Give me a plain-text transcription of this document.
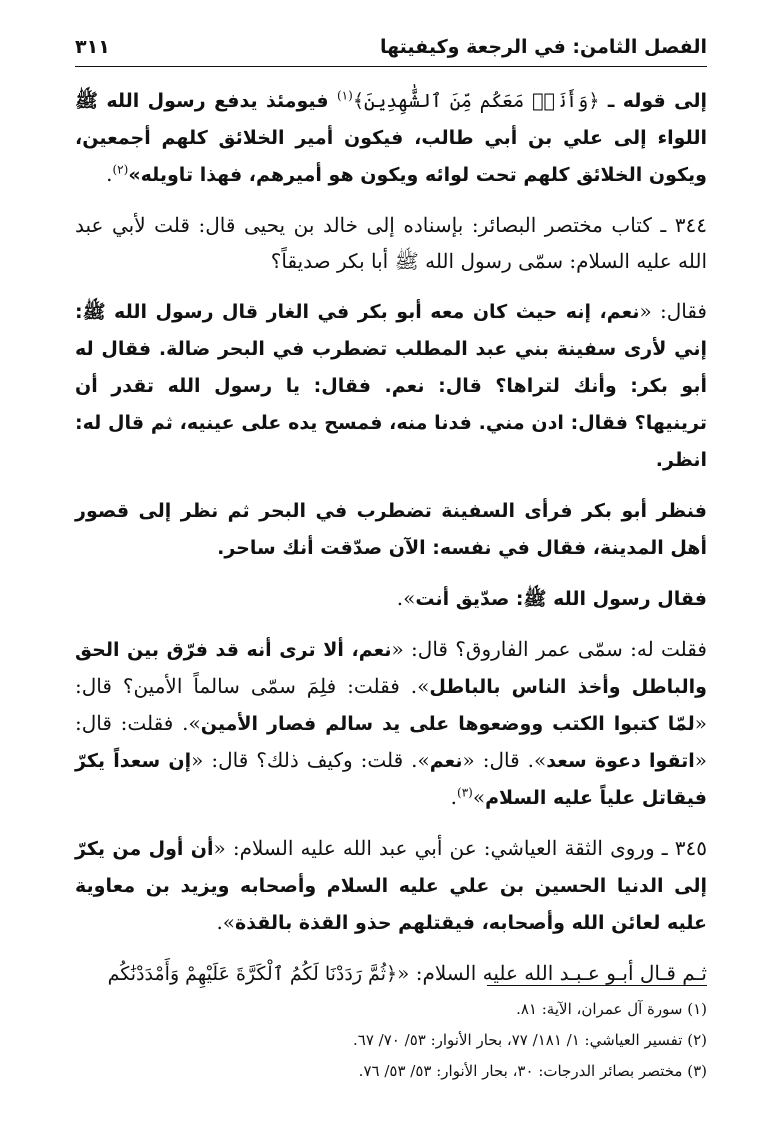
الفصل الثامن: في الرجعة وكيفيتها
٣١١

إلى قوله ـ ﴿وَأَنَا۠ مَعَكُم مِّنَ ٱلشَّٰهِدِينَ﴾$^{(١)}$ فيومئذ يدفع رسول الله ﷺ اللواء إلى علي بن أبي طالب، فيكون أمير الخلائق كلهم أجمعين، ويكون الخلائق كلهم تحت لوائه ويكون هو أميرهم، فهذا تاويله»$^{(٢)}$.

٣٤٤ ـ كتاب مختصر البصائر: بإسناده إلى خالد بن يحيى قال: قلت لأبي عبد الله عليه السلام: سمّى رسول الله ﷺ أبا بكر صديقاً؟

فقال: «نعم، إنه حيث كان معه أبو بكر في الغار قال رسول الله ﷺ: إني لأرى سفينة بني عبد المطلب تضطرب في البحر ضالة. فقال له أبو بكر: وأنك لتراها؟ قال: نعم. فقال: يا رسول الله تقدر أن ترينيها؟ فقال: ادن مني. فدنا منه، فمسح يده على عينيه، ثم قال له: انظر.

فنظر أبو بكر فرأى السفينة تضطرب في البحر ثم نظر إلى قصور أهل المدينة، فقال في نفسه: الآن صدّقت أنك ساحر.

فقال رسول الله ﷺ: صدّيق أنت».

فقلت له: سمّى عمر الفاروق؟ قال: «نعم، ألا ترى أنه قد فرّق بين الحق والباطل وأخذ الناس بالباطل». فقلت: فلِمَ سمّى سالماً الأمين؟ قال: «لمّا كتبوا الكتب ووضعوها على يد سالم فصار الأمين». فقلت: قال: «اتقوا دعوة سعد». قال: «نعم». قلت: وكيف ذلك؟ قال: «إن سعداً يكرّ فيقاتل علياً عليه السلام»$^{(٣)}$.

٣٤٥ ـ وروى الثقة العياشي: عن أبي عبد الله عليه السلام: «أن أول من يكرّ إلى الدنيا الحسين بن علي عليه السلام وأصحابه ويزيد بن معاوية عليه لعائن الله وأصحابه، فيقتلهم حذو القذة بالقذة».

ثـم قـال أبـو عـبـد الله عليه السلام: «﴿ثُمَّ رَدَدْنَا لَكُمُ ٱلْكَرَّةَ عَلَيْهِمْ وَأَمْدَدْنَٰكُم

(١) سورة آل عمران، الآية: ٨١.
(٢) تفسير العياشي: ١/ ١٨١/ ٧٧، بحار الأنوار: ٥٣/ ٧٠/ ٦٧.
(٣) مختصر بصائر الدرجات: ٣٠، بحار الأنوار: ٥٣/ ٥٣/ ٧٦.
